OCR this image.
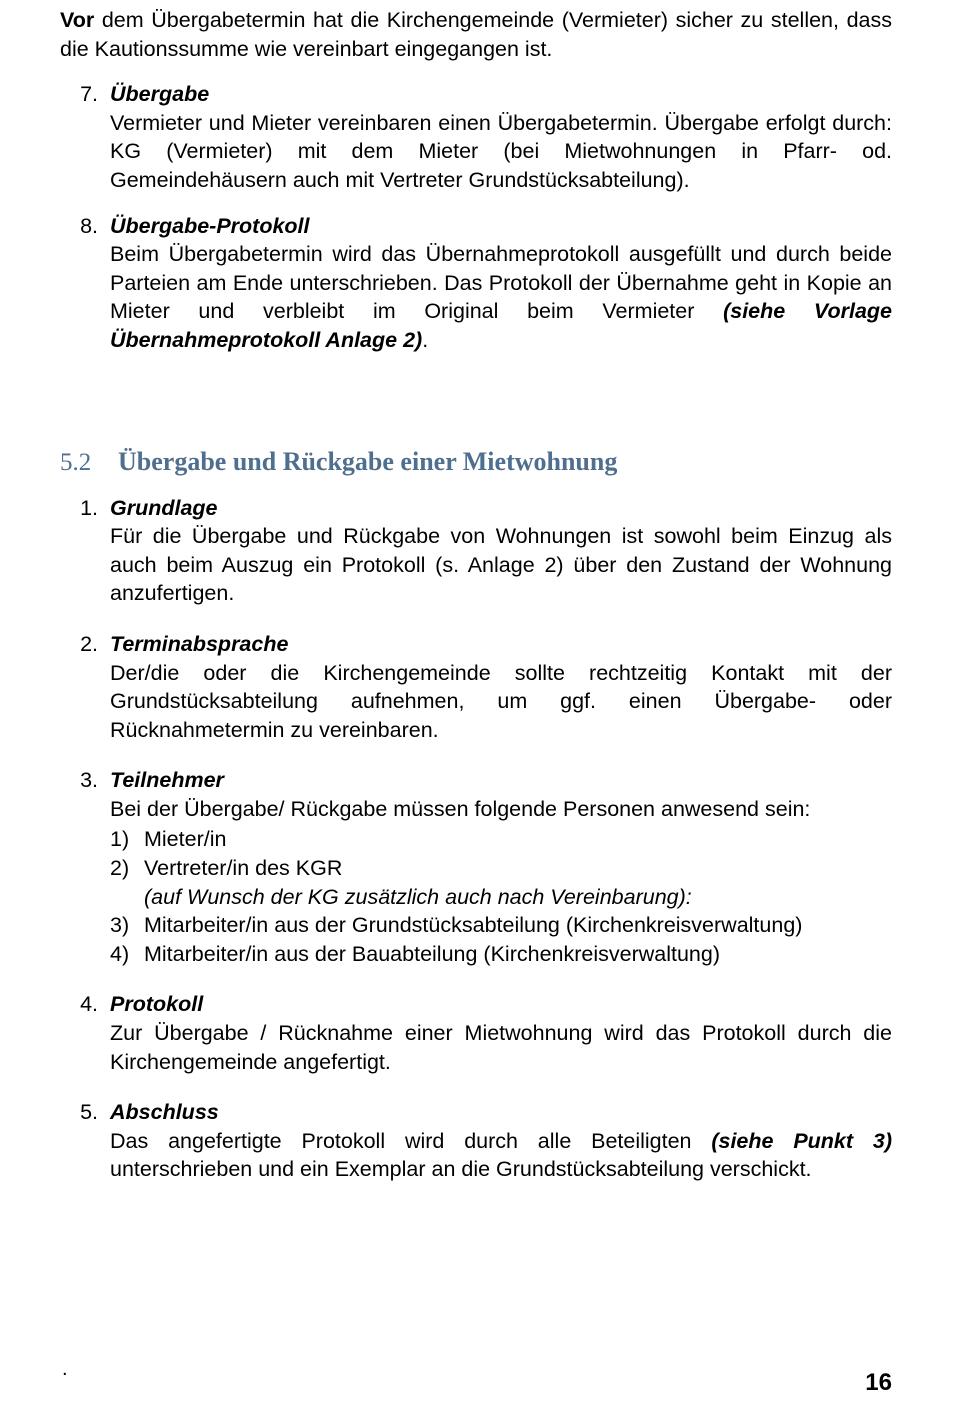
Vor dem Übergabetermin hat die Kirchengemeinde (Vermieter) sicher zu stellen, dass die Kautionssumme wie vereinbart eingegangen ist.

7. Übergabe
Vermieter und Mieter vereinbaren einen Übergabetermin. Übergabe erfolgt durch: KG (Vermieter) mit dem Mieter (bei Mietwohnungen in Pfarr- od. Gemeindehäusern auch mit Vertreter Grundstücksabteilung).
8. Übergabe-Protokoll
Beim Übergabetermin wird das Übernahmeprotokoll ausgefüllt und durch beide Parteien am Ende unterschrieben. Das Protokoll der Übernahme geht in Kopie an Mieter und verbleibt im Original beim Vermieter (siehe Vorlage Übernahmeprotokoll Anlage 2).
5.2	Übergabe und Rückgabe einer Mietwohnung
1. Grundlage
Für die Übergabe und Rückgabe von Wohnungen ist sowohl beim Einzug als auch beim Auszug ein Protokoll (s. Anlage 2) über den Zustand der Wohnung anzufertigen.
2. Terminabsprache
Der/die oder die Kirchengemeinde sollte rechtzeitig Kontakt mit der Grundstücksabteilung aufnehmen, um ggf. einen Übergabe- oder Rücknahmetermin zu vereinbaren.
3. Teilnehmer
Bei der Übergabe/ Rückgabe müssen folgende Personen anwesend sein:
1) Mieter/in
2) Vertreter/in des KGR
(auf Wunsch der KG zusätzlich auch nach Vereinbarung):
3) Mitarbeiter/in aus der Grundstücksabteilung (Kirchenkreisverwaltung)
4) Mitarbeiter/in aus der Bauabteilung (Kirchenkreisverwaltung)
4. Protokoll
Zur Übergabe / Rücknahme einer Mietwohnung wird das Protokoll durch die Kirchengemeinde angefertigt.
5. Abschluss
Das angefertigte Protokoll wird durch alle Beteiligten (siehe Punkt 3) unterschrieben und ein Exemplar an die Grundstücksabteilung verschickt.
.	16
